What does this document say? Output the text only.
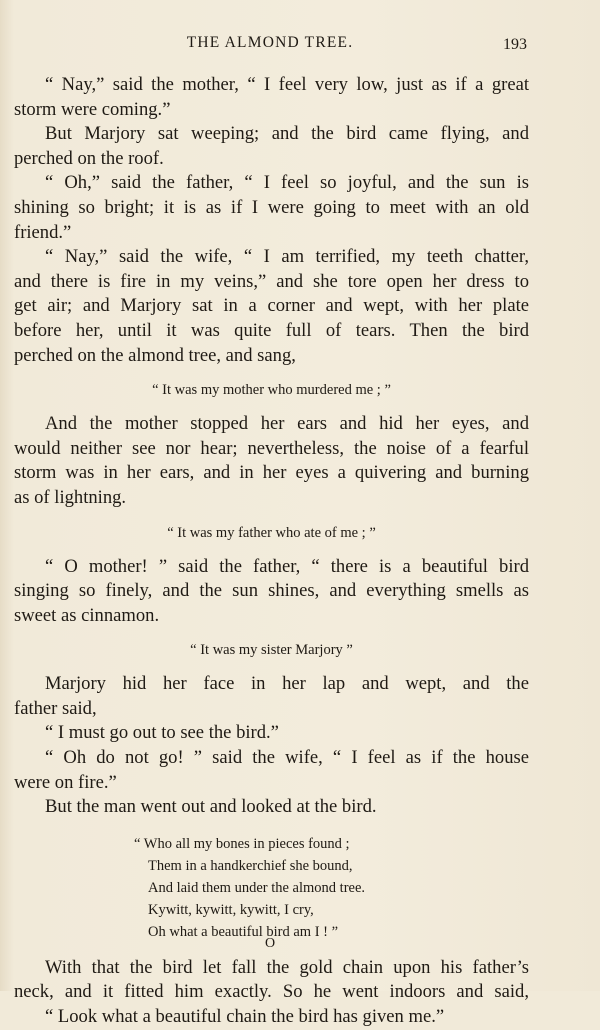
THE ALMOND TREE.	193
“ Nay,” said the mother, “ I feel very low, just as if a great
storm were coming.”
But Marjory sat weeping; and the bird came flying, and
perched on the roof.
“ Oh,” said the father, “ I feel so joyful, and the sun is
shining so bright; it is as if I were going to meet with an old
friend.”
“ Nay,” said the wife, “ I am terrified, my teeth chatter,
and there is fire in my veins,” and she tore open her dress to
get air; and Marjory sat in a corner and wept, with her plate
before her, until it was quite full of tears. Then the bird
perched on the almond tree, and sang,
“ It was my mother who murdered me ; ”
And the mother stopped her ears and hid her eyes, and
would neither see nor hear; nevertheless, the noise of a fearful
storm was in her ears, and in her eyes a quivering and burning
as of lightning.
“ It was my father who ate of me ; ”
“ O mother! ” said the father, “ there is a beautiful bird
singing so finely, and the sun shines, and everything smells as
sweet as cinnamon.
“ It was my sister Marjory ”
Marjory hid her face in her lap and wept, and the
father said,
“ I must go out to see the bird.”
“ Oh do not go! ” said the wife, “ I feel as if the house
were on fire.”
But the man went out and looked at the bird.
“ Who all my bones in pieces found ;
Them in a handkerchief she bound,
And laid them under the almond tree.
Kywitt, kywitt, kywitt, I cry,
Oh what a beautiful bird am I ! ”
With that the bird let fall the gold chain upon his father’s
neck, and it fitted him exactly. So he went indoors and said,
“ Look what a beautiful chain the bird has given me.”
O
